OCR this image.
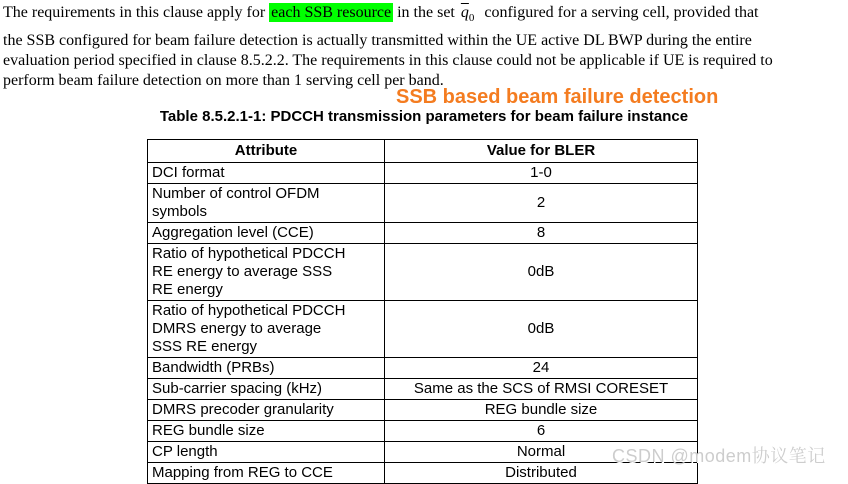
The requirements in this clause apply for each SSB resource in the set $\overline{q}_0$ configured for a serving cell, provided that
the SSB configured for beam failure detection is actually transmitted within the UE active DL BWP during the entire
evaluation period specified in clause 8.5.2.2. The requirements in this clause could not be applicable if UE is required to
perform beam failure detection on more than 1 serving cell per band.
SSB based beam failure detection
Table 8.5.2.1-1: PDCCH transmission parameters for beam failure instance
Attribute	Value for BLER
DCI format	1-0
Number of control OFDM
symbols	2
Aggregation level (CCE)	8
Ratio of hypothetical PDCCH
RE energy to average SSS
RE energy	0dB
Ratio of hypothetical PDCCH
DMRS energy to average
SSS RE energy	0dB
Bandwidth (PRBs)	24
Sub-carrier spacing (kHz)	Same as the SCS of RMSI CORESET
DMRS precoder granularity	REG bundle size
REG bundle size	6
CP length	Normal
Mapping from REG to CCE	Distributed
CSDN @modem协议笔记
